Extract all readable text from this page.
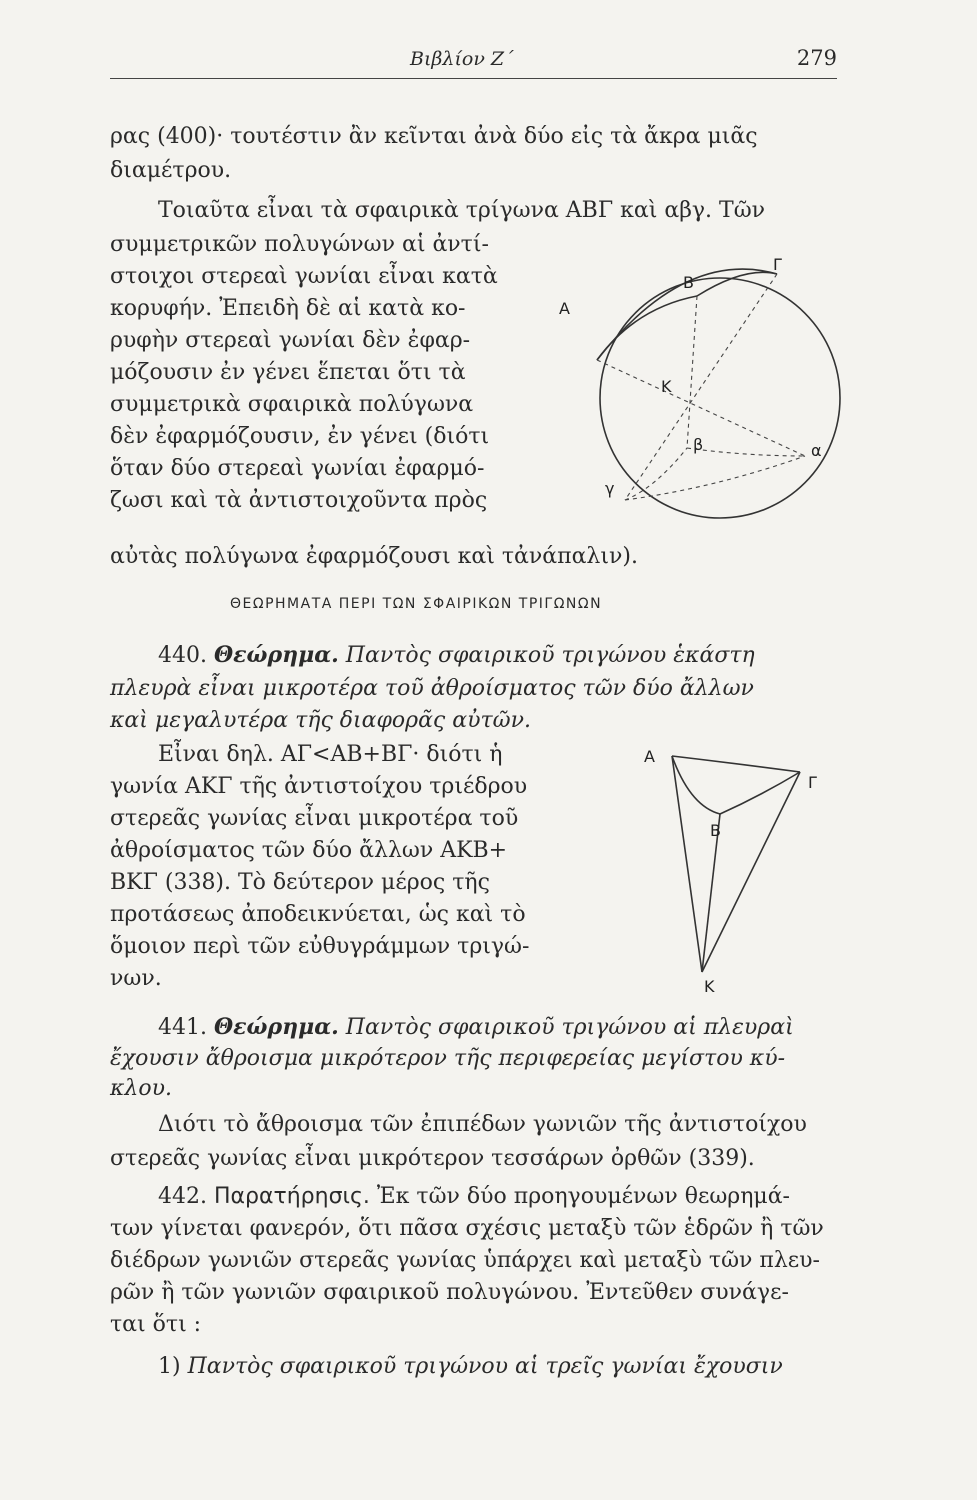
Βιβλίον Ζ΄	279
ρας (400)· τουτέστιν ἂν κεῖνται ἀνὰ δύο εἰς τὰ ἄκρα μιᾶς
διαμέτρου.
Τοιαῦτα εἶναι τὰ σφαιρικὰ τρίγωνα ΑΒΓ καὶ αβγ. Τῶν
συμμετρικῶν πολυγώνων αἱ ἀντί-
στοιχοι στερεαὶ γωνίαι εἶναι κατὰ
κορυφήν. Ἐπειδὴ δὲ αἱ κατὰ κο-
ρυφὴν στερεαὶ γωνίαι δὲν ἐφαρ-
μόζουσιν ἐν γένει ἕπεται ὅτι τὰ
συμμετρικὰ σφαιρικὰ πολύγωνα
δὲν ἐφαρμόζουσιν, ἐν γένει (διότι
ὅταν δύο στερεαὶ γωνίαι ἐφαρμό-
ζωσι καὶ τὰ ἀντιστοιχοῦντα πρὸς
αὐτὰς πολύγωνα ἐφαρμόζουσι καὶ τἀνάπαλιν).
Α
Β
Γ
Κ
β	α
γ
ΘΕΩΡΗΜΑΤΑ ΠΕΡΙ ΤΩΝ ΣΦΑΙΡΙΚΩΝ ΤΡΙΓΩΝΩΝ
440. Θεώρημα. Παντὸς σφαιρικοῦ τριγώνου ἑκάστη
πλευρὰ εἶναι μικροτέρα τοῦ ἀθροίσματος τῶν δύο ἄλλων
καὶ μεγαλυτέρα τῆς διαφορᾶς αὐτῶν.
Εἶναι δηλ. ΑΓ<ΑΒ+ΒΓ· διότι ἡ
γωνία ΑΚΓ τῆς ἀντιστοίχου τριέδρου
στερεᾶς γωνίας εἶναι μικροτέρα τοῦ
ἀθροίσματος τῶν δύο ἄλλων ΑΚΒ+
ΒΚΓ (338). Τὸ δεύτερον μέρος τῆς
προτάσεως ἀποδεικνύεται, ὡς καὶ τὸ
ὅμοιον περὶ τῶν εὐθυγράμμων τριγώ-
νων.
Α
Β
Γ
Κ
441. Θεώρημα. Παντὸς σφαιρικοῦ τριγώνου αἱ πλευραὶ
ἔχουσιν ἄθροισμα μικρότερον τῆς περιφερείας μεγίστου κύ-
κλου.
Διότι τὸ ἄθροισμα τῶν ἐπιπέδων γωνιῶν τῆς ἀντιστοίχου
στερεᾶς γωνίας εἶναι μικρότερον τεσσάρων ὀρθῶν (339).
442. Παρατήρησις. Ἐκ τῶν δύο προηγουμένων θεωρημά-
των γίνεται φανερόν, ὅτι πᾶσα σχέσις μεταξὺ τῶν ἑδρῶν ἢ τῶν
διέδρων γωνιῶν στερεᾶς γωνίας ὑπάρχει καὶ μεταξὺ τῶν πλευ-
ρῶν ἢ τῶν γωνιῶν σφαιρικοῦ πολυγώνου. Ἐντεῦθεν συνάγε-
ται ὅτι :
1) Παντὸς σφαιρικοῦ τριγώνου αἱ τρεῖς γωνίαι ἔχουσιν
